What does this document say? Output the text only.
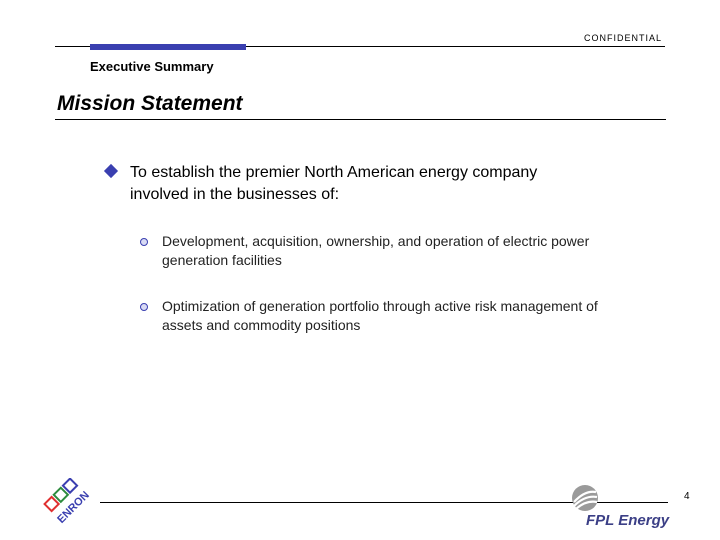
CONFIDENTIAL
Executive Summary
Mission Statement
To establish the premier North American energy company involved in the businesses of:
Development, acquisition, ownership, and operation of electric power generation facilities
Optimization of generation portfolio through active risk management of assets and commodity positions
4
ENRON	FPL Energy
